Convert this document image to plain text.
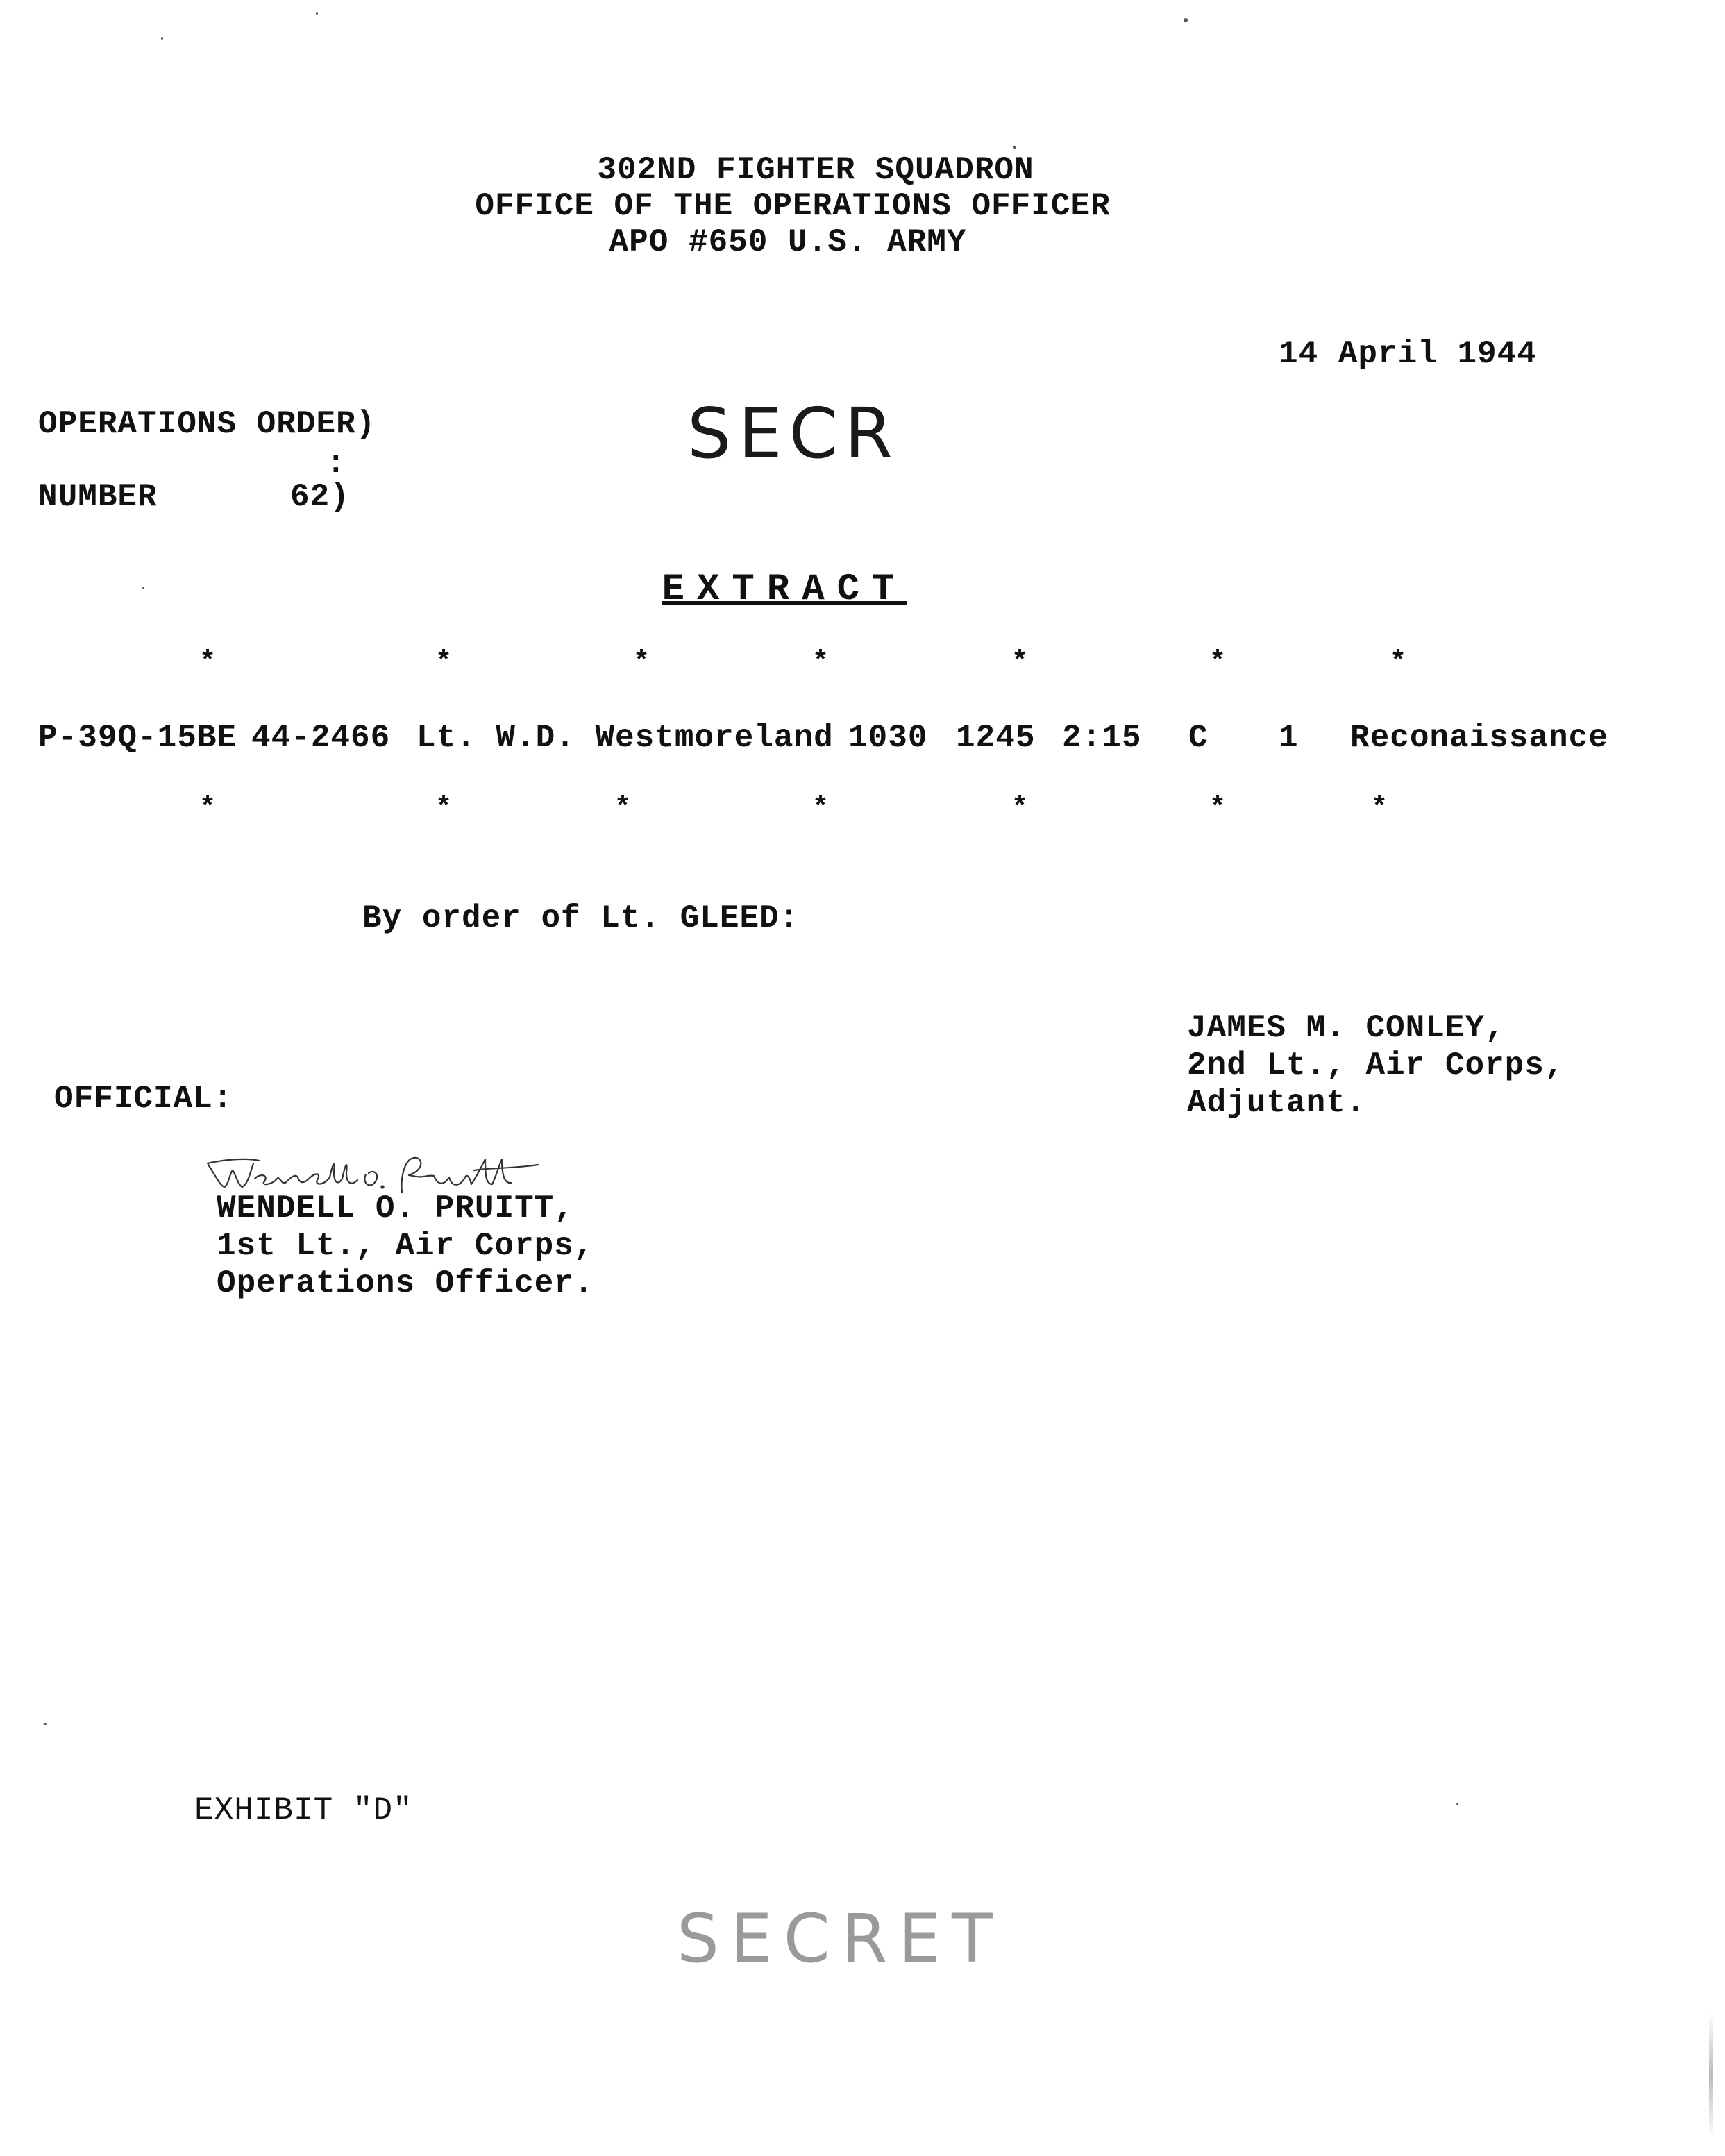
302ND FIGHTER SQUADRON
OFFICE OF THE OPERATIONS OFFICER
APO #650 U.S. ARMY
14 April 1944
OPERATIONS ORDER)
:
NUMBER	62)
SECR
EXTRACT
*	*	*	*	*	*	*
P-39Q-15BE 44-2466 Lt. W.D. Westmoreland 1030 1245 2:15 C 1 Reconaissance
*	*	*	*	*	*	*
By order of Lt. GLEED:
JAMES M. CONLEY,
2nd Lt., Air Corps,
Adjutant.
OFFICIAL:
WENDELL O. PRUITT,
1st Lt., Air Corps,
Operations Officer.
EXHIBIT "D"
SECRET
